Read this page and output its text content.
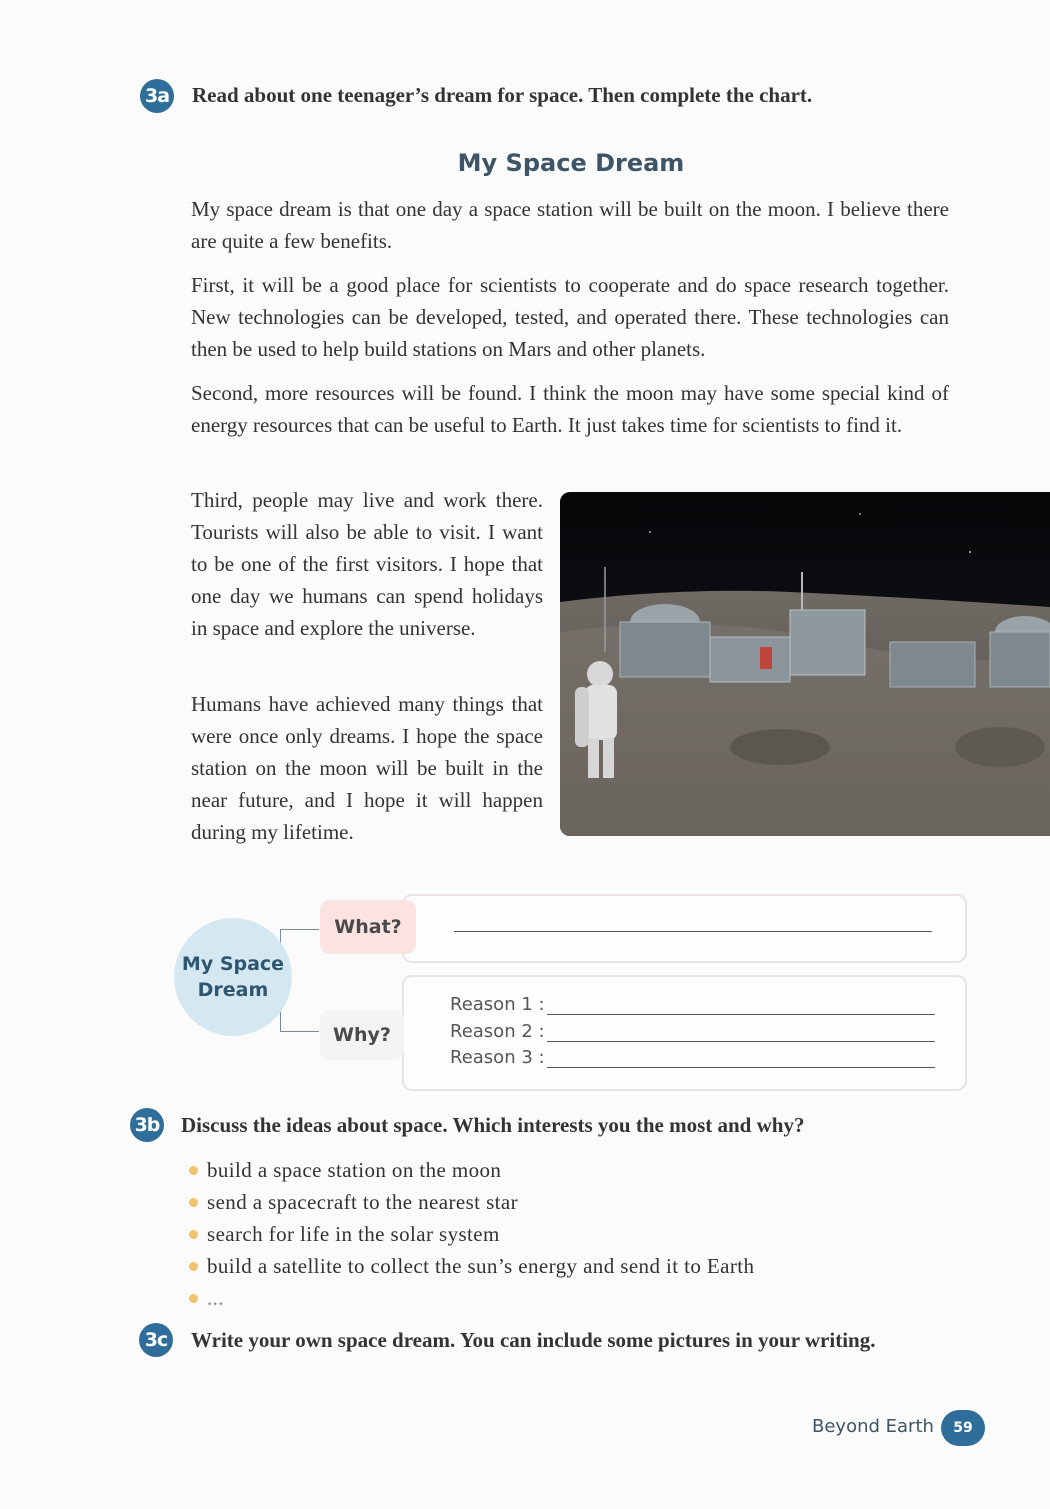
3a Read about one teenager’s dream for space. Then complete the chart.
My Space Dream

My space dream is that one day a space station will be built on the moon. I believe there are quite a few benefits.

First, it will be a good place for scientists to cooperate and do space research together. New technologies can be developed, tested, and operated there. These technologies can then be used to help build stations on Mars and other planets.

Second, more resources will be found. I think the moon may have some special kind of energy resources that can be useful to Earth. It just takes time for scientists to find it.

Third, people may live and work there. Tourists will also be able to visit. I want to be one of the first visitors. I hope that one day we humans can spend holidays in space and explore the universe.

Humans have achieved many things that were once only dreams. I hope the space station on the moon will be built in the near future, and I hope it will happen during my lifetime.

My Space
Dream
What?
Why?
Reason 1 :
Reason 2 :
Reason 3 :
3b Discuss the ideas about space. Which interests you the most and why?
build a space station on the moon
send a spacecraft to the nearest star
search for life in the solar system
build a satellite to collect the sun’s energy and send it to Earth
...
3c Write your own space dream. You can include some pictures in your writing.
Beyond Earth	59
